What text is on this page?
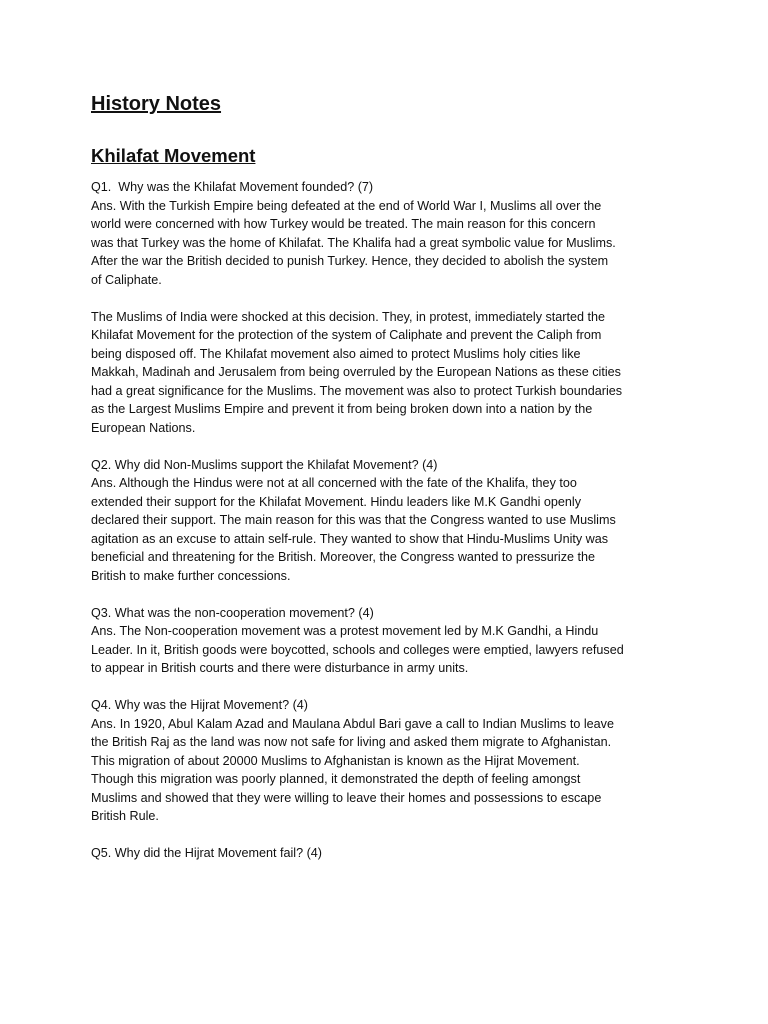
History Notes
Khilafat Movement
Q1.  Why was the Khilafat Movement founded? (7)
Ans. With the Turkish Empire being defeated at the end of World War I, Muslims all over the
world were concerned with how Turkey would be treated. The main reason for this concern
was that Turkey was the home of Khilafat. The Khalifa had a great symbolic value for Muslims.
After the war the British decided to punish Turkey. Hence, they decided to abolish the system
of Caliphate.
The Muslims of India were shocked at this decision. They, in protest, immediately started the
Khilafat Movement for the protection of the system of Caliphate and prevent the Caliph from
being disposed off. The Khilafat movement also aimed to protect Muslims holy cities like
Makkah, Madinah and Jerusalem from being overruled by the European Nations as these cities
had a great significance for the Muslims. The movement was also to protect Turkish boundaries
as the Largest Muslims Empire and prevent it from being broken down into a nation by the
European Nations.
Q2. Why did Non-Muslims support the Khilafat Movement? (4)
Ans. Although the Hindus were not at all concerned with the fate of the Khalifa, they too
extended their support for the Khilafat Movement. Hindu leaders like M.K Gandhi openly
declared their support. The main reason for this was that the Congress wanted to use Muslims
agitation as an excuse to attain self-rule. They wanted to show that Hindu-Muslims Unity was
beneficial and threatening for the British. Moreover, the Congress wanted to pressurize the
British to make further concessions.
Q3. What was the non-cooperation movement? (4)
Ans. The Non-cooperation movement was a protest movement led by M.K Gandhi, a Hindu
Leader. In it, British goods were boycotted, schools and colleges were emptied, lawyers refused
to appear in British courts and there were disturbance in army units.
Q4. Why was the Hijrat Movement? (4)
Ans. In 1920, Abul Kalam Azad and Maulana Abdul Bari gave a call to Indian Muslims to leave
the British Raj as the land was now not safe for living and asked them migrate to Afghanistan.
This migration of about 20000 Muslims to Afghanistan is known as the Hijrat Movement.
Though this migration was poorly planned, it demonstrated the depth of feeling amongst
Muslims and showed that they were willing to leave their homes and possessions to escape
British Rule.
Q5. Why did the Hijrat Movement fail? (4)
